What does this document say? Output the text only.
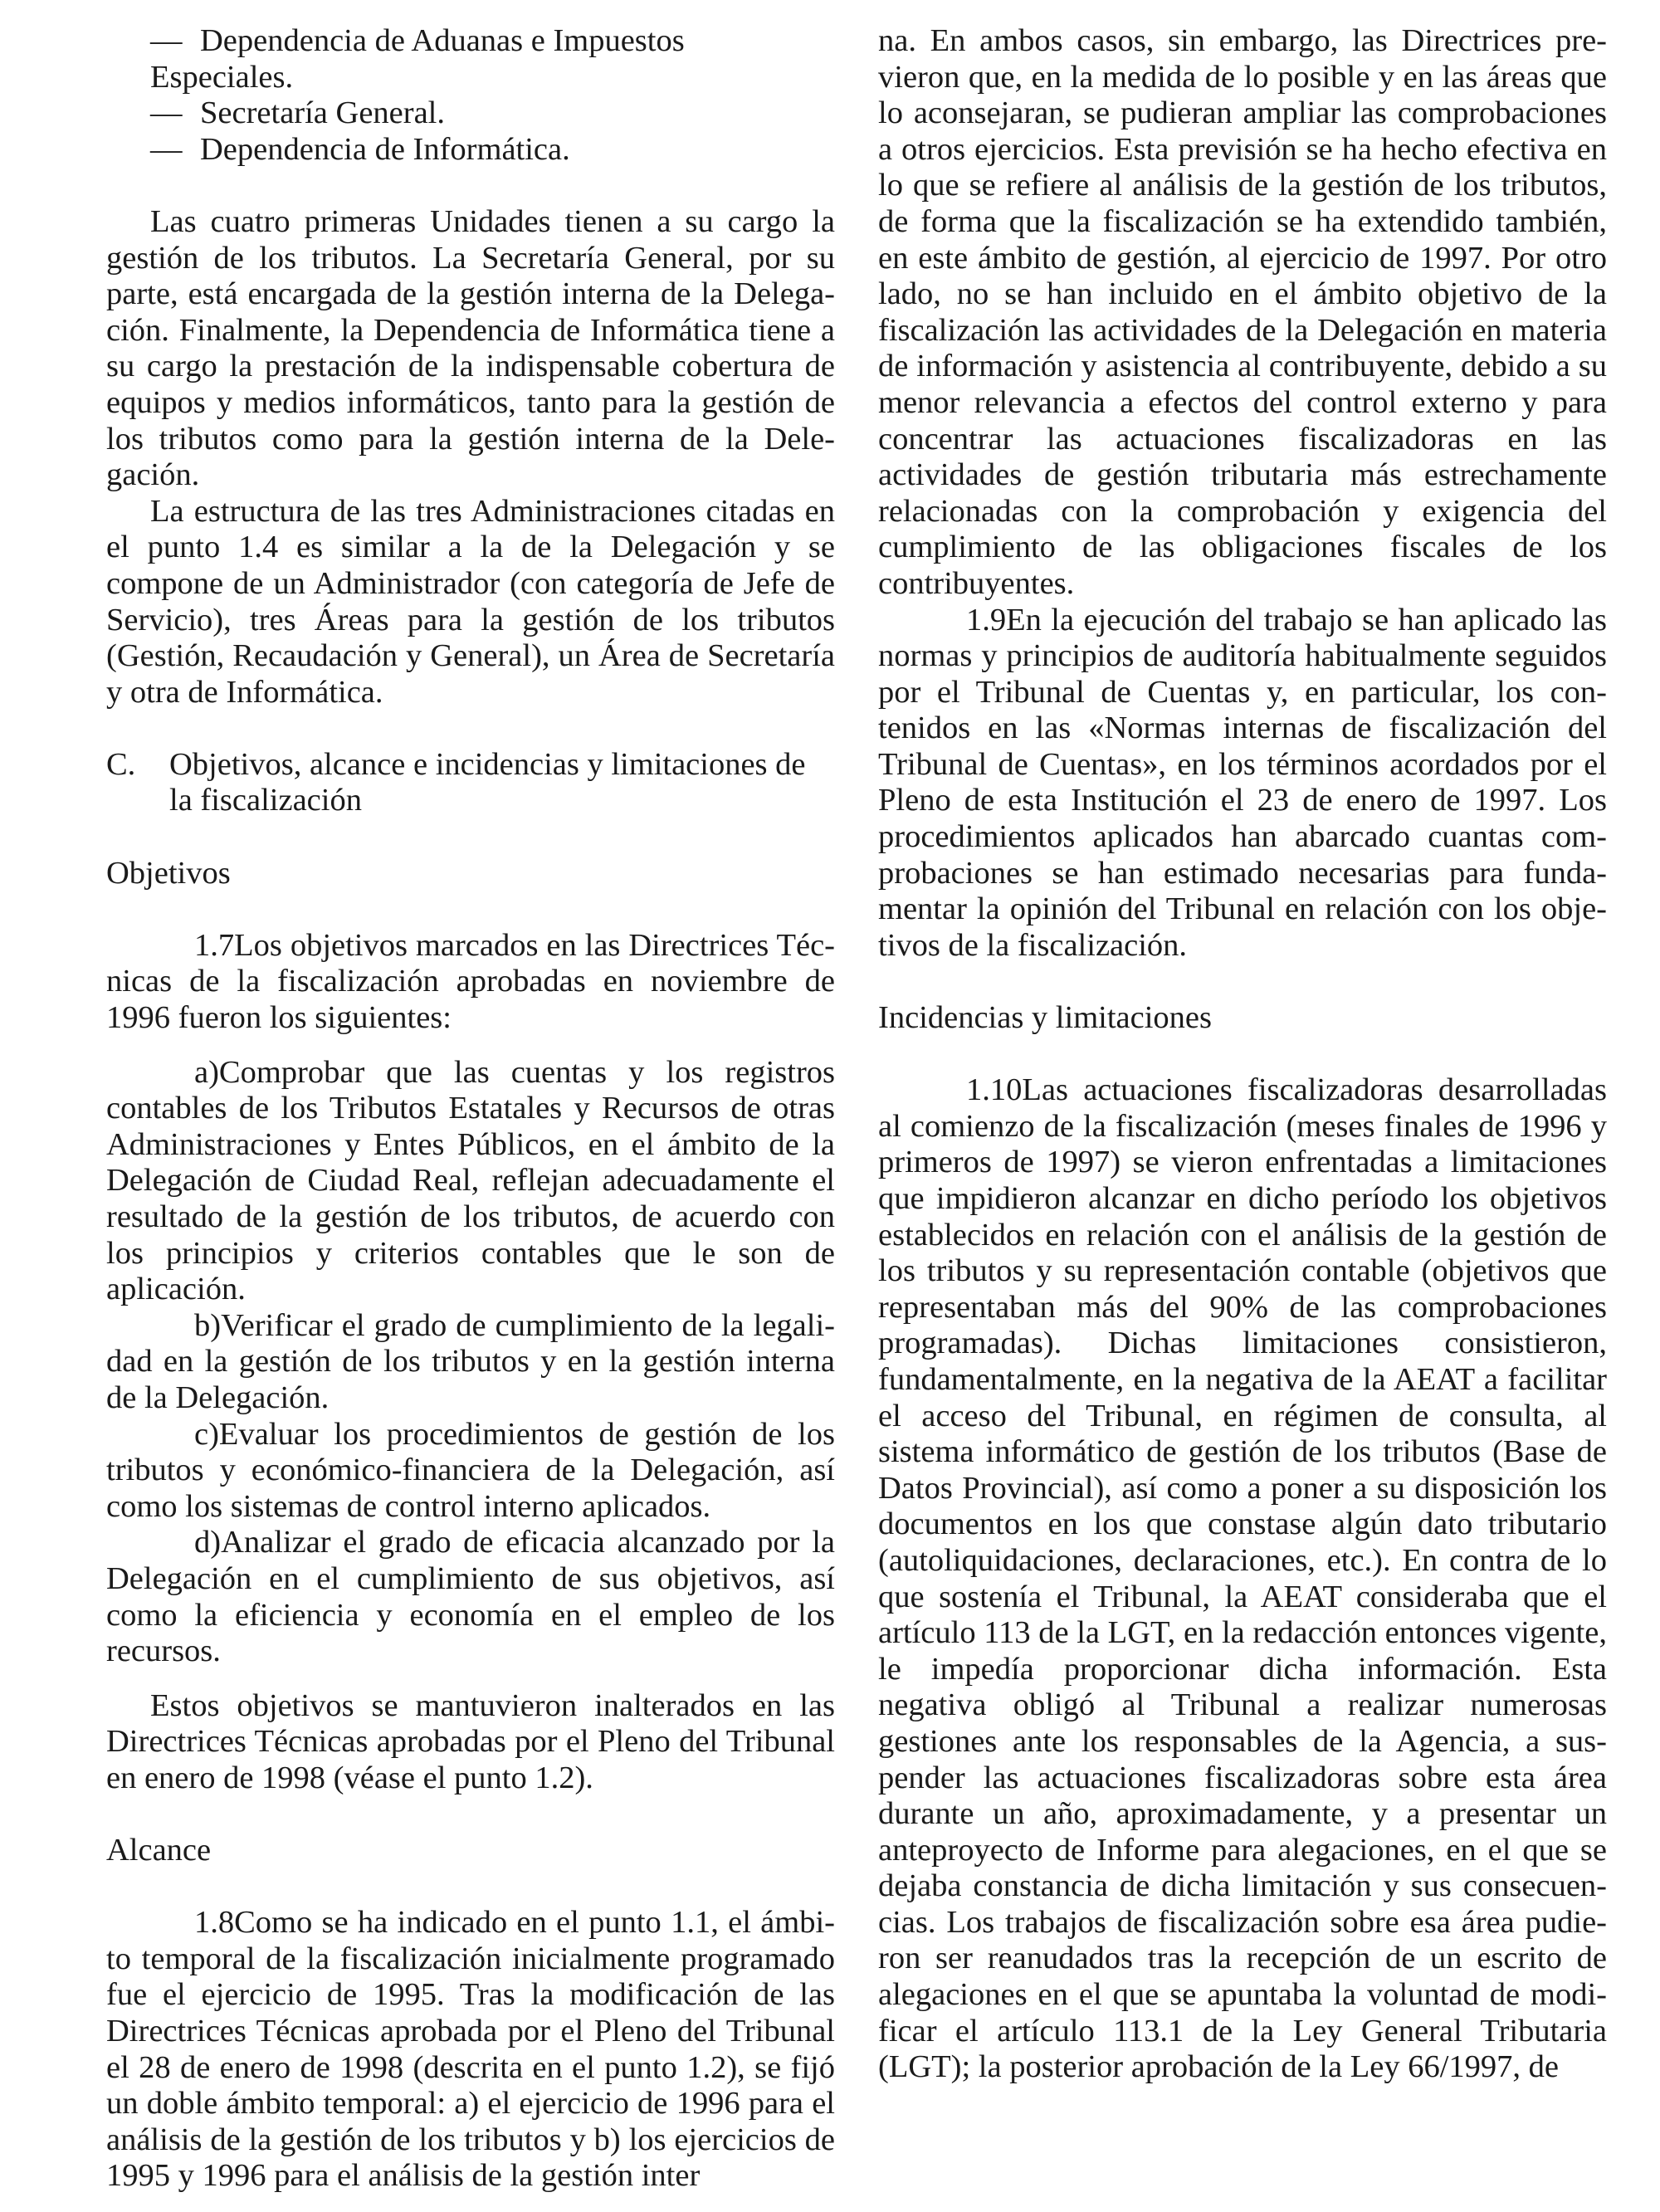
— Dependencia de Aduanas e Impuestos Especiales.
— Secretaría General.
— Dependencia de Informática.

Las cuatro primeras Unidades tienen a su cargo la gestión de los tributos. La Secretaría General, por su parte, está encargada de la gestión interna de la Delegación. Finalmente, la Dependencia de Informática tiene a su cargo la prestación de la indispensable cobertura de equipos y medios informáticos, tanto para la gestión de los tributos como para la gestión interna de la Delegación.

La estructura de las tres Administraciones citadas en el punto 1.4 es similar a la de la Delegación y se compone de un Administrador (con categoría de Jefe de Servicio), tres Áreas para la gestión de los tributos (Gestión, Recaudación y General), un Área de Secretaría y otra de Informática.

C.	Objetivos, alcance e incidencias y limitaciones de la fiscalización

Objetivos

1.7Los objetivos marcados en las Directrices Técnicas de la fiscalización aprobadas en noviembre de 1996 fueron los siguientes:

a)Comprobar que las cuentas y los registros contables de los Tributos Estatales y Recursos de otras Administraciones y Entes Públicos, en el ámbito de la Delegación de Ciudad Real, reflejan adecuadamente el resultado de la gestión de los tributos, de acuerdo con los principios y criterios contables que le son de aplicación.

b)Verificar el grado de cumplimiento de la legalidad en la gestión de los tributos y en la gestión interna de la Delegación.

c)Evaluar los procedimientos de gestión de los tributos y económico-financiera de la Delegación, así como los sistemas de control interno aplicados.

d)Analizar el grado de eficacia alcanzado por la Delegación en el cumplimiento de sus objetivos, así como la eficiencia y economía en el empleo de los recursos.

Estos objetivos se mantuvieron inalterados en las Directrices Técnicas aprobadas por el Pleno del Tribunal en enero de 1998 (véase el punto 1.2).

Alcance

1.8Como se ha indicado en el punto 1.1, el ámbito temporal de la fiscalización inicialmente programado fue el ejercicio de 1995. Tras la modificación de las Directrices Técnicas aprobada por el Pleno del Tribunal el 28 de enero de 1998 (descrita en el punto 1.2), se fijó un doble ámbito temporal: a) el ejercicio de 1996 para el análisis de la gestión de los tributos y b) los ejercicios de 1995 y 1996 para el análisis de la gestión inter

na. En ambos casos, sin embargo, las Directrices previeron que, en la medida de lo posible y en las áreas que lo aconsejaran, se pudieran ampliar las comprobaciones a otros ejercicios. Esta previsión se ha hecho efectiva en lo que se refiere al análisis de la gestión de los tributos, de forma que la fiscalización se ha extendido también, en este ámbito de gestión, al ejercicio de 1997. Por otro lado, no se han incluido en el ámbito objetivo de la fiscalización las actividades de la Delegación en materia de información y asistencia al contribuyente, debido a su menor relevancia a efectos del control externo y para concentrar las actuaciones fiscalizadoras en las actividades de gestión tributaria más estrechamente relacionadas con la comprobación y exigencia del cumplimiento de las obligaciones fiscales de los contribuyentes.

1.9En la ejecución del trabajo se han aplicado las normas y principios de auditoría habitualmente seguidos por el Tribunal de Cuentas y, en particular, los contenidos en las «Normas internas de fiscalización del Tribunal de Cuentas», en los términos acordados por el Pleno de esta Institución el 23 de enero de 1997. Los procedimientos aplicados han abarcado cuantas comprobaciones se han estimado necesarias para fundamentar la opinión del Tribunal en relación con los objetivos de la fiscalización.

Incidencias y limitaciones

1.10Las actuaciones fiscalizadoras desarrolladas al comienzo de la fiscalización (meses finales de 1996 y primeros de 1997) se vieron enfrentadas a limitaciones que impidieron alcanzar en dicho período los objetivos establecidos en relación con el análisis de la gestión de los tributos y su representación contable (objetivos que representaban más del 90% de las comprobaciones programadas). Dichas limitaciones consistieron, fundamentalmente, en la negativa de la AEAT a facilitar el acceso del Tribunal, en régimen de consulta, al sistema informático de gestión de los tributos (Base de Datos Provincial), así como a poner a su disposición los documentos en los que constase algún dato tributario (autoliquidaciones, declaraciones, etc.). En contra de lo que sostenía el Tribunal, la AEAT consideraba que el artículo 113 de la LGT, en la redacción entonces vigente, le impedía proporcionar dicha información. Esta negativa obligó al Tribunal a realizar numerosas gestiones ante los responsables de la Agencia, a suspender las actuaciones fiscalizadoras sobre esta área durante un año, aproximadamente, y a presentar un anteproyecto de Informe para alegaciones, en el que se dejaba constancia de dicha limitación y sus consecuencias. Los trabajos de fiscalización sobre esa área pudieron ser reanudados tras la recepción de un escrito de alegaciones en el que se apuntaba la voluntad de modificar el artículo 113.1 de la Ley General Tributaria (LGT); la posterior aprobación de la Ley 66/1997, de
